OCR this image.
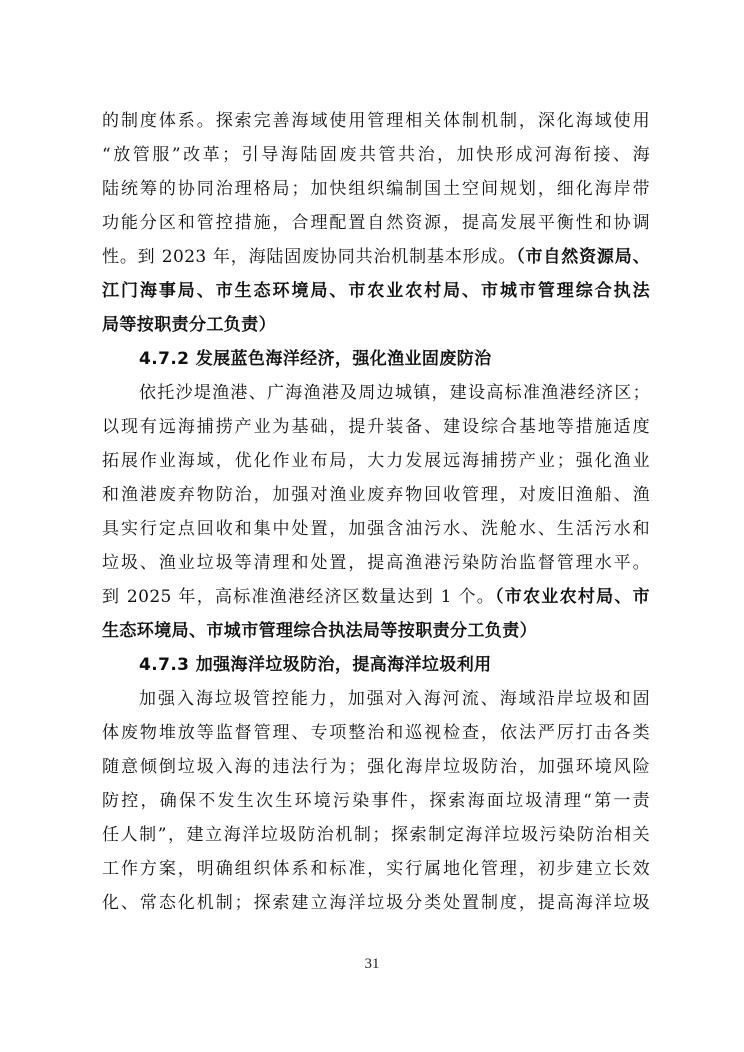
的制度体系。探索完善海域使用管理相关体制机制，深化海域使用
“放管服”改革；引导海陆固废共管共治，加快形成河海衔接、海
陆统筹的协同治理格局；加快组织编制国土空间规划，细化海岸带
功能分区和管控措施，合理配置自然资源，提高发展平衡性和协调
性。到 2023 年，海陆固废协同共治机制基本形成。（市自然资源局、
江门海事局、市生态环境局、市农业农村局、市城市管理综合执法
局等按职责分工负责）
4.7.2 发展蓝色海洋经济，强化渔业固废防治
依托沙堤渔港、广海渔港及周边城镇，建设高标准渔港经济区；
以现有远海捕捞产业为基础，提升装备、建设综合基地等措施适度
拓展作业海域，优化作业布局，大力发展远海捕捞产业；强化渔业
和渔港废弃物防治，加强对渔业废弃物回收管理，对废旧渔船、渔
具实行定点回收和集中处置，加强含油污水、洗舱水、生活污水和
垃圾、渔业垃圾等清理和处置，提高渔港污染防治监督管理水平。
到 2025 年，高标准渔港经济区数量达到 1 个。（市农业农村局、市
生态环境局、市城市管理综合执法局等按职责分工负责）
4.7.3 加强海洋垃圾防治，提高海洋垃圾利用
加强入海垃圾管控能力，加强对入海河流、海域沿岸垃圾和固
体废物堆放等监督管理、专项整治和巡视检查，依法严厉打击各类
随意倾倒垃圾入海的违法行为；强化海岸垃圾防治，加强环境风险
防控，确保不发生次生环境污染事件，探索海面垃圾清理“第一责
任人制”，建立海洋垃圾防治机制；探索制定海洋垃圾污染防治相关
工作方案，明确组织体系和标准，实行属地化管理，初步建立长效
化、常态化机制；探索建立海洋垃圾分类处置制度，提高海洋垃圾
31
